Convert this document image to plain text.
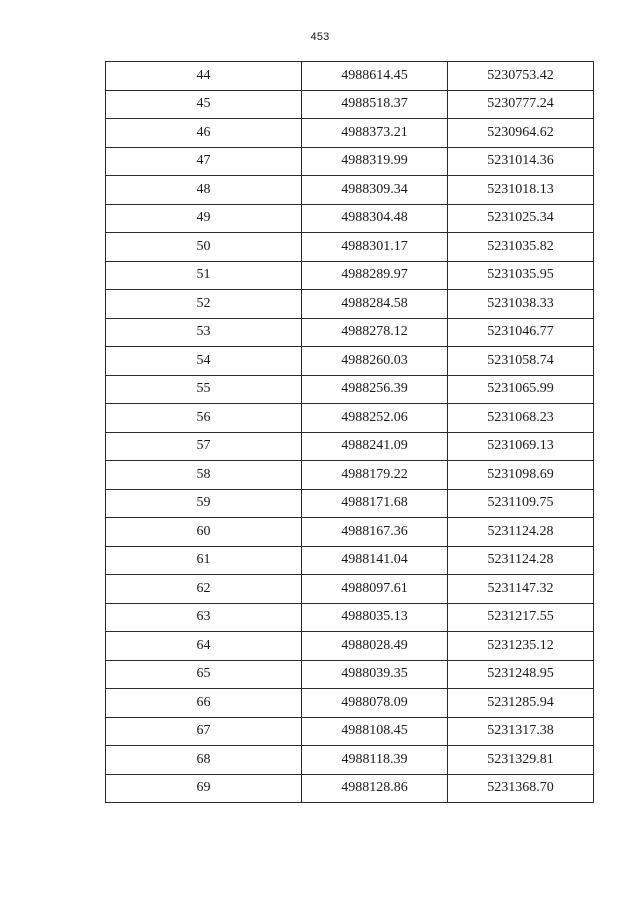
453
44	4988614.45	5230753.42
45	4988518.37	5230777.24
46	4988373.21	5230964.62
47	4988319.99	5231014.36
48	4988309.34	5231018.13
49	4988304.48	5231025.34
50	4988301.17	5231035.82
51	4988289.97	5231035.95
52	4988284.58	5231038.33
53	4988278.12	5231046.77
54	4988260.03	5231058.74
55	4988256.39	5231065.99
56	4988252.06	5231068.23
57	4988241.09	5231069.13
58	4988179.22	5231098.69
59	4988171.68	5231109.75
60	4988167.36	5231124.28
61	4988141.04	5231124.28
62	4988097.61	5231147.32
63	4988035.13	5231217.55
64	4988028.49	5231235.12
65	4988039.35	5231248.95
66	4988078.09	5231285.94
67	4988108.45	5231317.38
68	4988118.39	5231329.81
69	4988128.86	5231368.70
